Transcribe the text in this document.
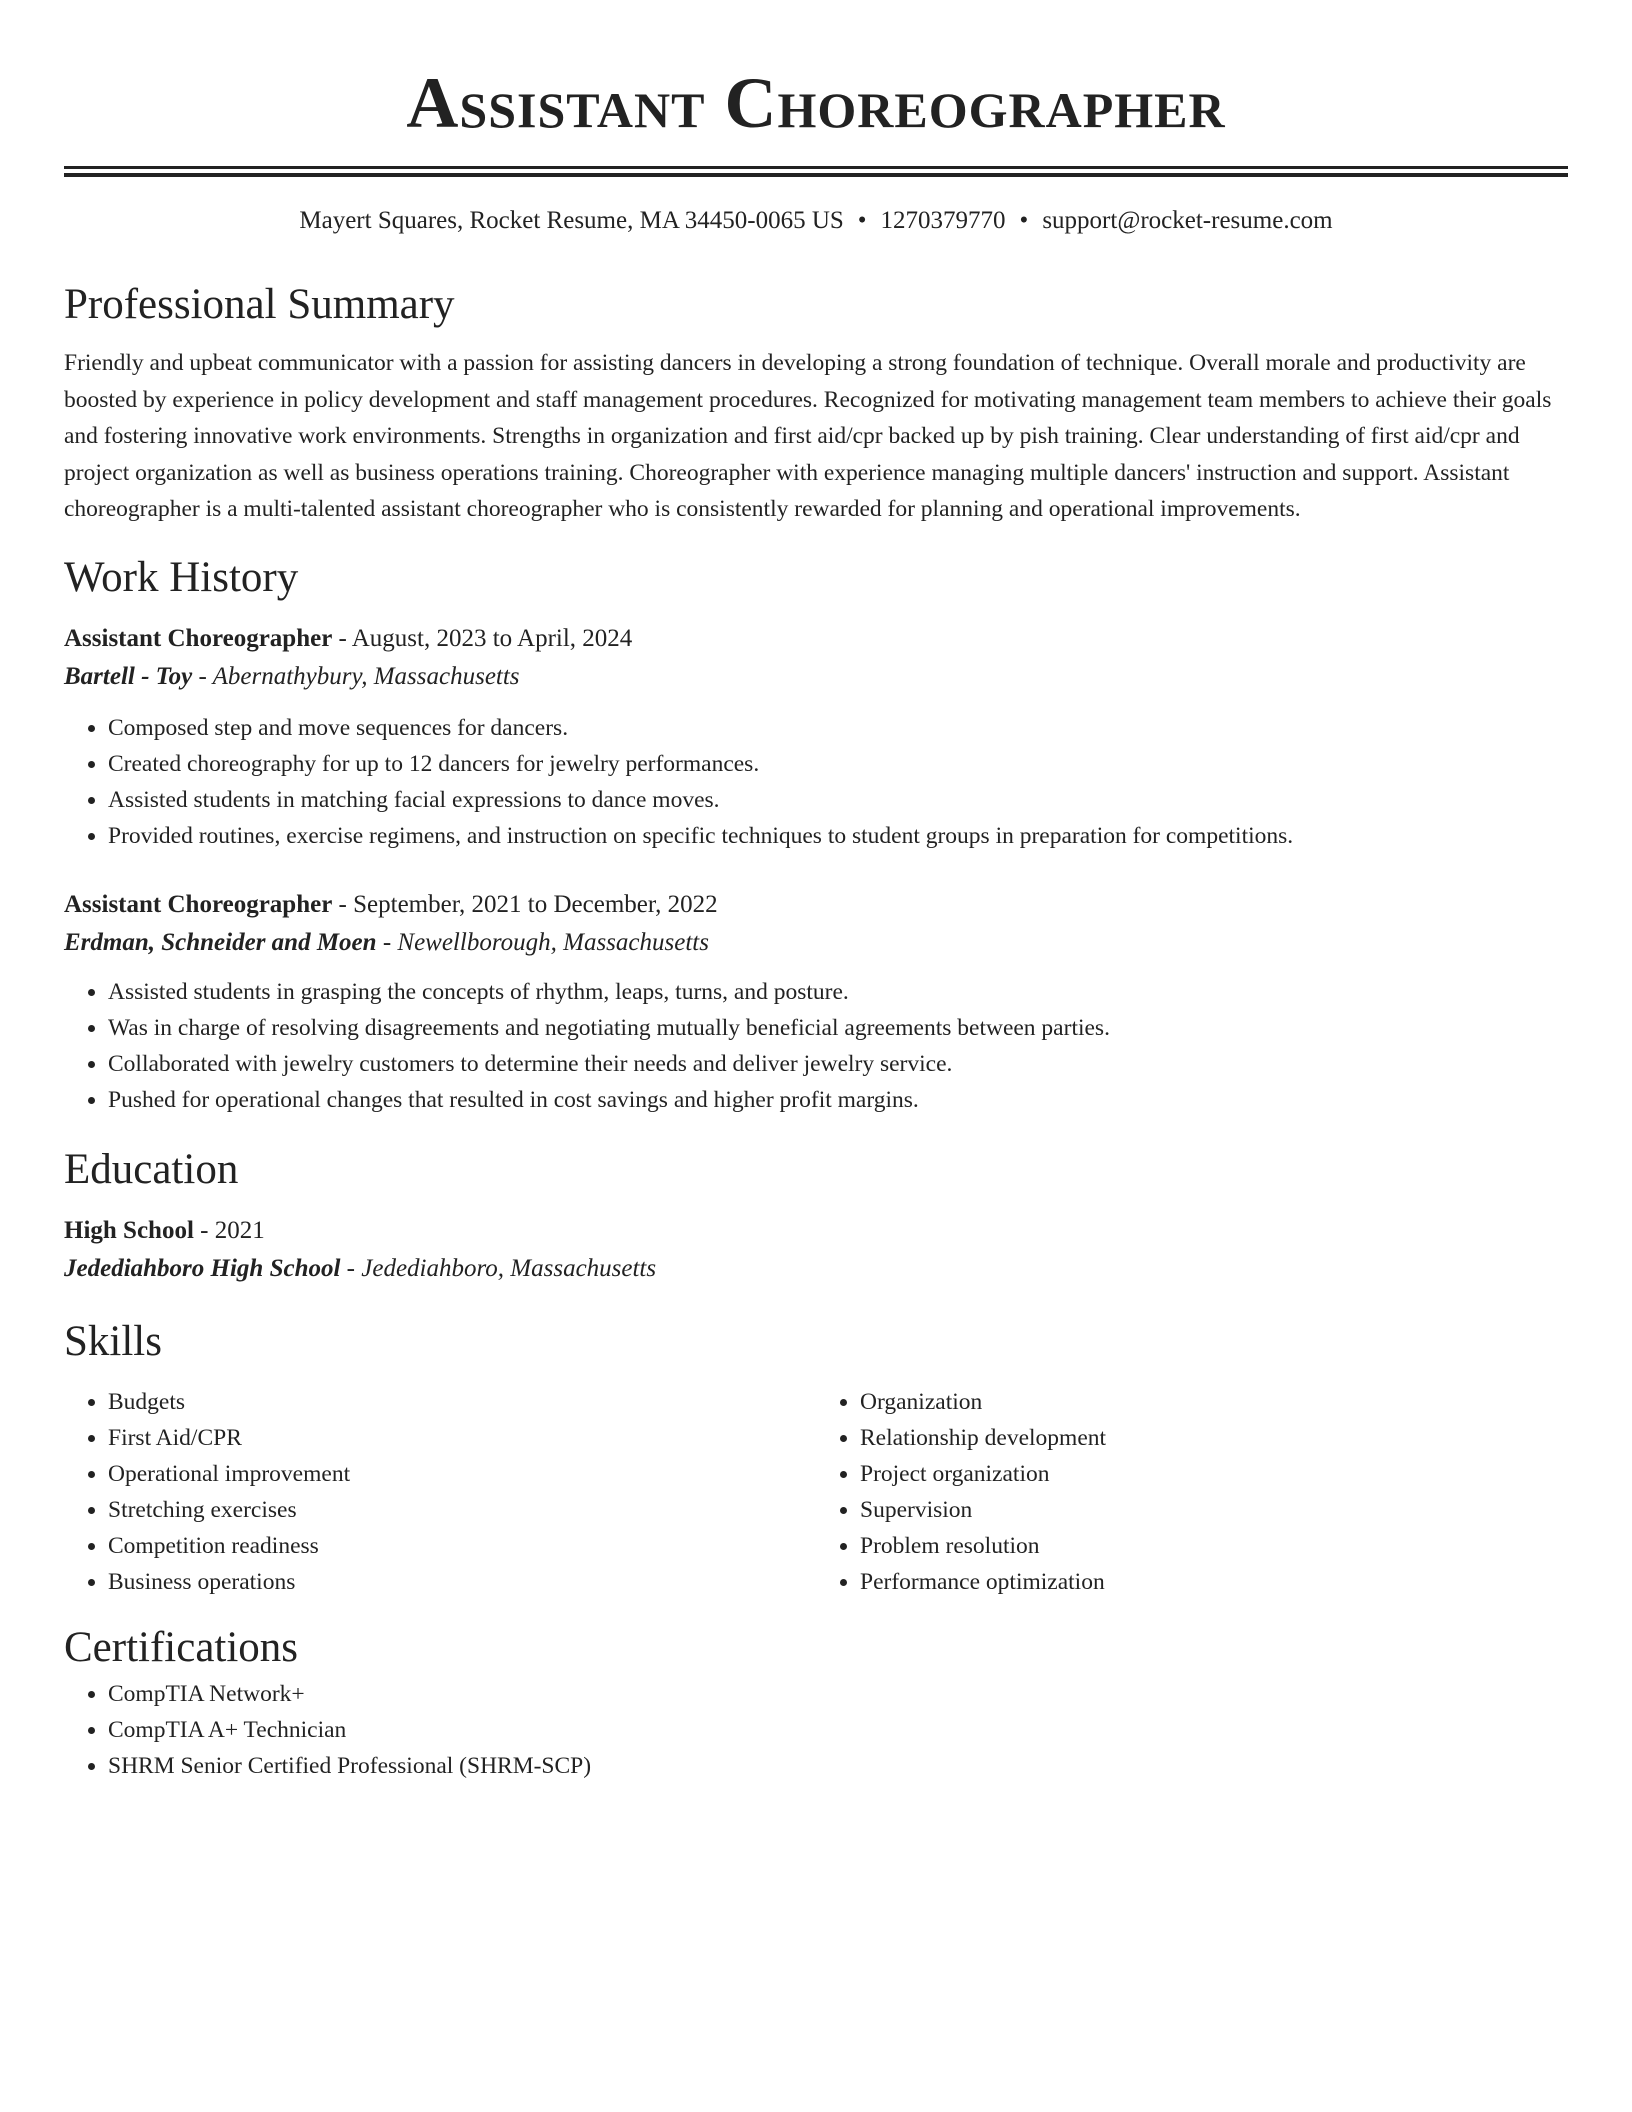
Assistant Choreographer
Mayert Squares, Rocket Resume, MA 34450-0065 US • 1270379770 • support@rocket-resume.com
Professional Summary

Friendly and upbeat communicator with a passion for assisting dancers in developing a strong foundation of technique. Overall morale and productivity are boosted by experience in policy development and staff management procedures. Recognized for motivating management team members to achieve their goals and fostering innovative work environments. Strengths in organization and first aid/cpr backed up by pish training. Clear understanding of first aid/cpr and project organization as well as business operations training. Choreographer with experience managing multiple dancers' instruction and support. Assistant choreographer is a multi-talented assistant choreographer who is consistently rewarded for planning and operational improvements.

Work History
Assistant Choreographer - August, 2023 to April, 2024
Bartell - Toy - Abernathybury, Massachusetts
• Composed step and move sequences for dancers.
• Created choreography for up to 12 dancers for jewelry performances.
• Assisted students in matching facial expressions to dance moves.
• Provided routines, exercise regimens, and instruction on specific techniques to student groups in preparation for competitions.
Assistant Choreographer - September, 2021 to December, 2022
Erdman, Schneider and Moen - Newellborough, Massachusetts
• Assisted students in grasping the concepts of rhythm, leaps, turns, and posture.
• Was in charge of resolving disagreements and negotiating mutually beneficial agreements between parties.
• Collaborated with jewelry customers to determine their needs and deliver jewelry service.
• Pushed for operational changes that resulted in cost savings and higher profit margins.
Education
High School - 2021
Jedediahboro High School - Jedediahboro, Massachusetts
Skills
• Budgets
• First Aid/CPR
• Operational improvement
• Stretching exercises
• Competition readiness
• Business operations
• Organization
• Relationship development
• Project organization
• Supervision
• Problem resolution
• Performance optimization
Certifications
• CompTIA Network+
• CompTIA A+ Technician
• SHRM Senior Certified Professional (SHRM-SCP)
